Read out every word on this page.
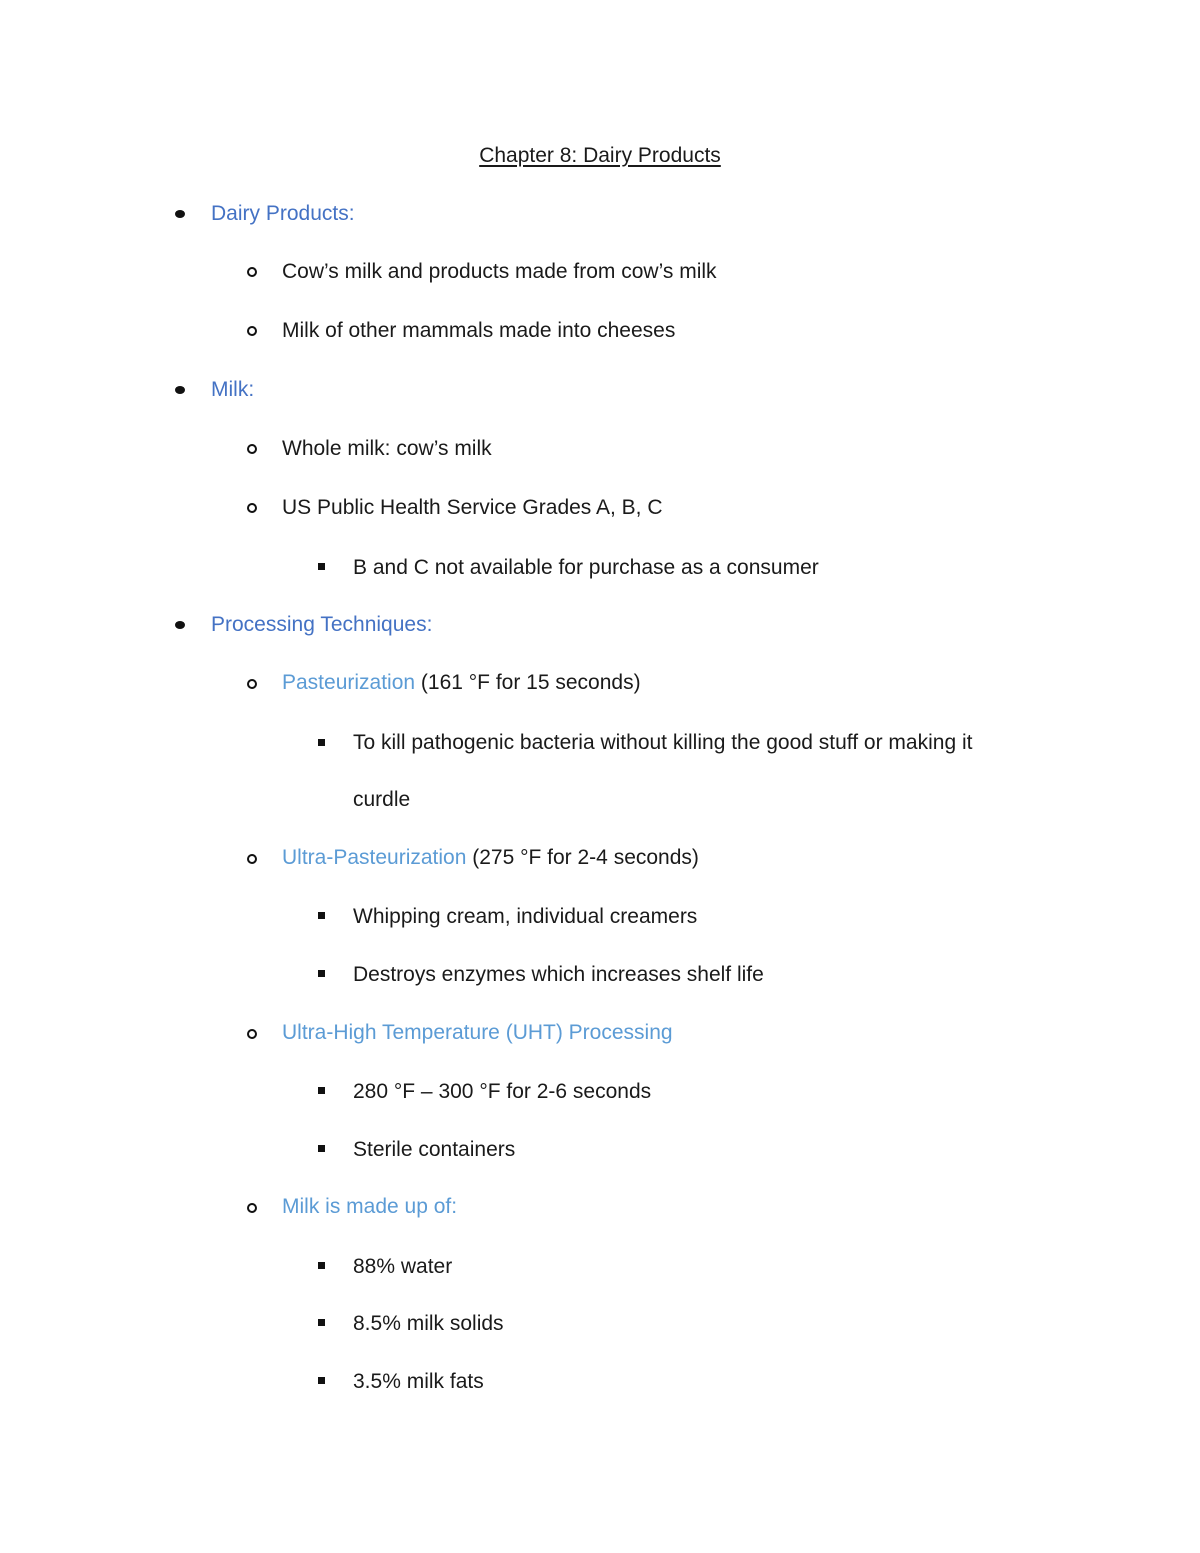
Chapter 8: Dairy Products
Dairy Products:
Cow’s milk and products made from cow’s milk
Milk of other mammals made into cheeses
Milk:
Whole milk: cow’s milk
US Public Health Service Grades A, B, C
B and C not available for purchase as a consumer
Processing Techniques:
Pasteurization (161 °F for 15 seconds)
To kill pathogenic bacteria without killing the good stuff or making it
curdle
Ultra-Pasteurization (275 °F for 2-4 seconds)
Whipping cream, individual creamers
Destroys enzymes which increases shelf life
Ultra-High Temperature (UHT) Processing
280 °F – 300 °F for 2-6 seconds
Sterile containers
Milk is made up of:
88% water
8.5% milk solids
3.5% milk fats
